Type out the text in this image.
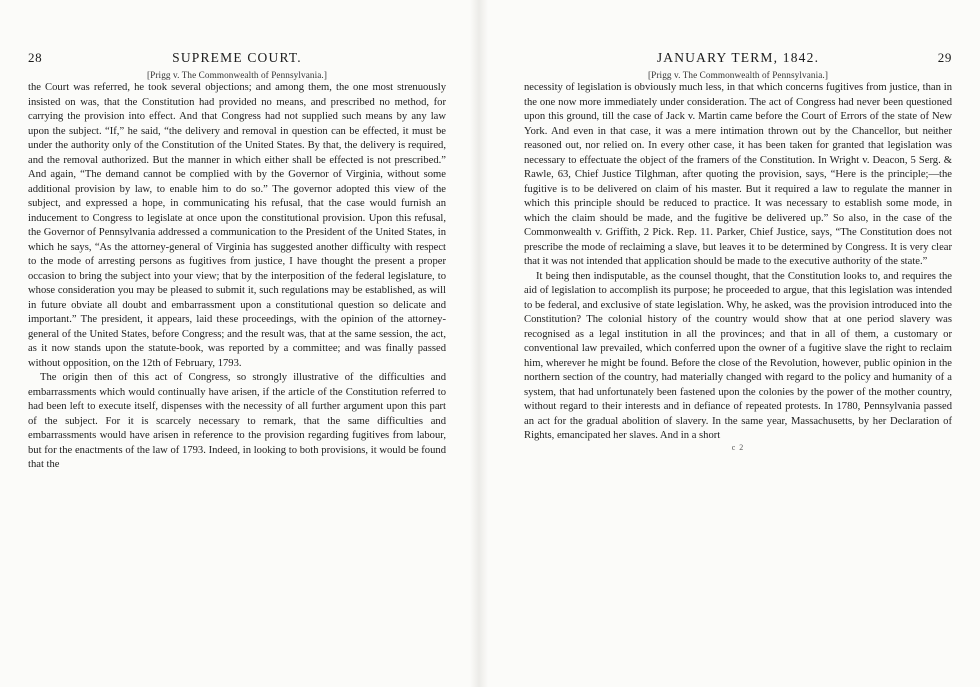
28	SUPREME COURT.
[Prigg v. The Commonwealth of Pennsylvania.]

the Court was referred, he took several objections; and among them, the one most strenuously insisted on was, that the Constitution had provided no means, and prescribed no method, for carrying the provision into effect. And that Congress had not supplied such means by any law upon the subject. “If,” he said, “the delivery and removal in question can be effected, it must be under the authority only of the Constitution of the United States. By that, the delivery is required, and the removal authorized. But the manner in which either shall be effected is not prescribed.” And again, “The demand cannot be complied with by the Governor of Virginia, without some additional provision by law, to enable him to do so.” The governor adopted this view of the subject, and expressed a hope, in communicating his refusal, that the case would furnish an inducement to Congress to legislate at once upon the constitutional provision. Upon this refusal, the Governor of Pennsylvania addressed a communication to the President of the United States, in which he says, “As the attorney-general of Virginia has suggested another difficulty with respect to the mode of arresting persons as fugitives from justice, I have thought the present a proper occasion to bring the subject into your view; that by the interposition of the federal legislature, to whose consideration you may be pleased to submit it, such regulations may be established, as will in future obviate all doubt and embarrassment upon a constitutional question so delicate and important.” The president, it appears, laid these proceedings, with the opinion of the attorney-general of the United States, before Congress; and the result was, that at the same session, the act, as it now stands upon the statute-book, was reported by a committee; and was finally passed without opposition, on the 12th of February, 1793.

The origin then of this act of Congress, so strongly illustrative of the difficulties and embarrassments which would continually have arisen, if the article of the Constitution referred to had been left to execute itself, dispenses with the necessity of all further argument upon this part of the subject. For it is scarcely necessary to remark, that the same difficulties and embarrassments would have arisen in reference to the provision regarding fugitives from labour, but for the enactments of the law of 1793. Indeed, in looking to both provisions, it would be found that the

JANUARY TERM, 1842.	29
[Prigg v. The Commonwealth of Pennsylvania.]

necessity of legislation is obviously much less, in that which concerns fugitives from justice, than in the one now more immediately under consideration. The act of Congress had never been questioned upon this ground, till the case of Jack v. Martin came before the Court of Errors of the state of New York. And even in that case, it was a mere intimation thrown out by the Chancellor, but neither reasoned out, nor relied on. In every other case, it has been taken for granted that legislation was necessary to effectuate the object of the framers of the Constitution. In Wright v. Deacon, 5 Serg. & Rawle, 63, Chief Justice Tilghman, after quoting the provision, says, “Here is the principle;—the fugitive is to be delivered on claim of his master. But it required a law to regulate the manner in which this principle should be reduced to practice. It was necessary to establish some mode, in which the claim should be made, and the fugitive be delivered up.” So also, in the case of the Commonwealth v. Griffith, 2 Pick. Rep. 11. Parker, Chief Justice, says, “The Constitution does not prescribe the mode of reclaiming a slave, but leaves it to be determined by Congress. It is very clear that it was not intended that application should be made to the executive authority of the state.”

It being then indisputable, as the counsel thought, that the Constitution looks to, and requires the aid of legislation to accomplish its purpose; he proceeded to argue, that this legislation was intended to be federal, and exclusive of state legislation. Why, he asked, was the provision introduced into the Constitution? The colonial history of the country would show that at one period slavery was recognised as a legal institution in all the provinces; and that in all of them, a customary or conventional law prevailed, which conferred upon the owner of a fugitive slave the right to reclaim him, wherever he might be found. Before the close of the Revolution, however, public opinion in the northern section of the country, had materially changed with regard to the policy and humanity of a system, that had unfortunately been fastened upon the colonies by the power of the mother country, without regard to their interests and in defiance of repeated protests. In 1780, Pennsylvania passed an act for the gradual abolition of slavery. In the same year, Massachusetts, by her Declaration of Rights, emancipated her slaves. And in a short

c 2
